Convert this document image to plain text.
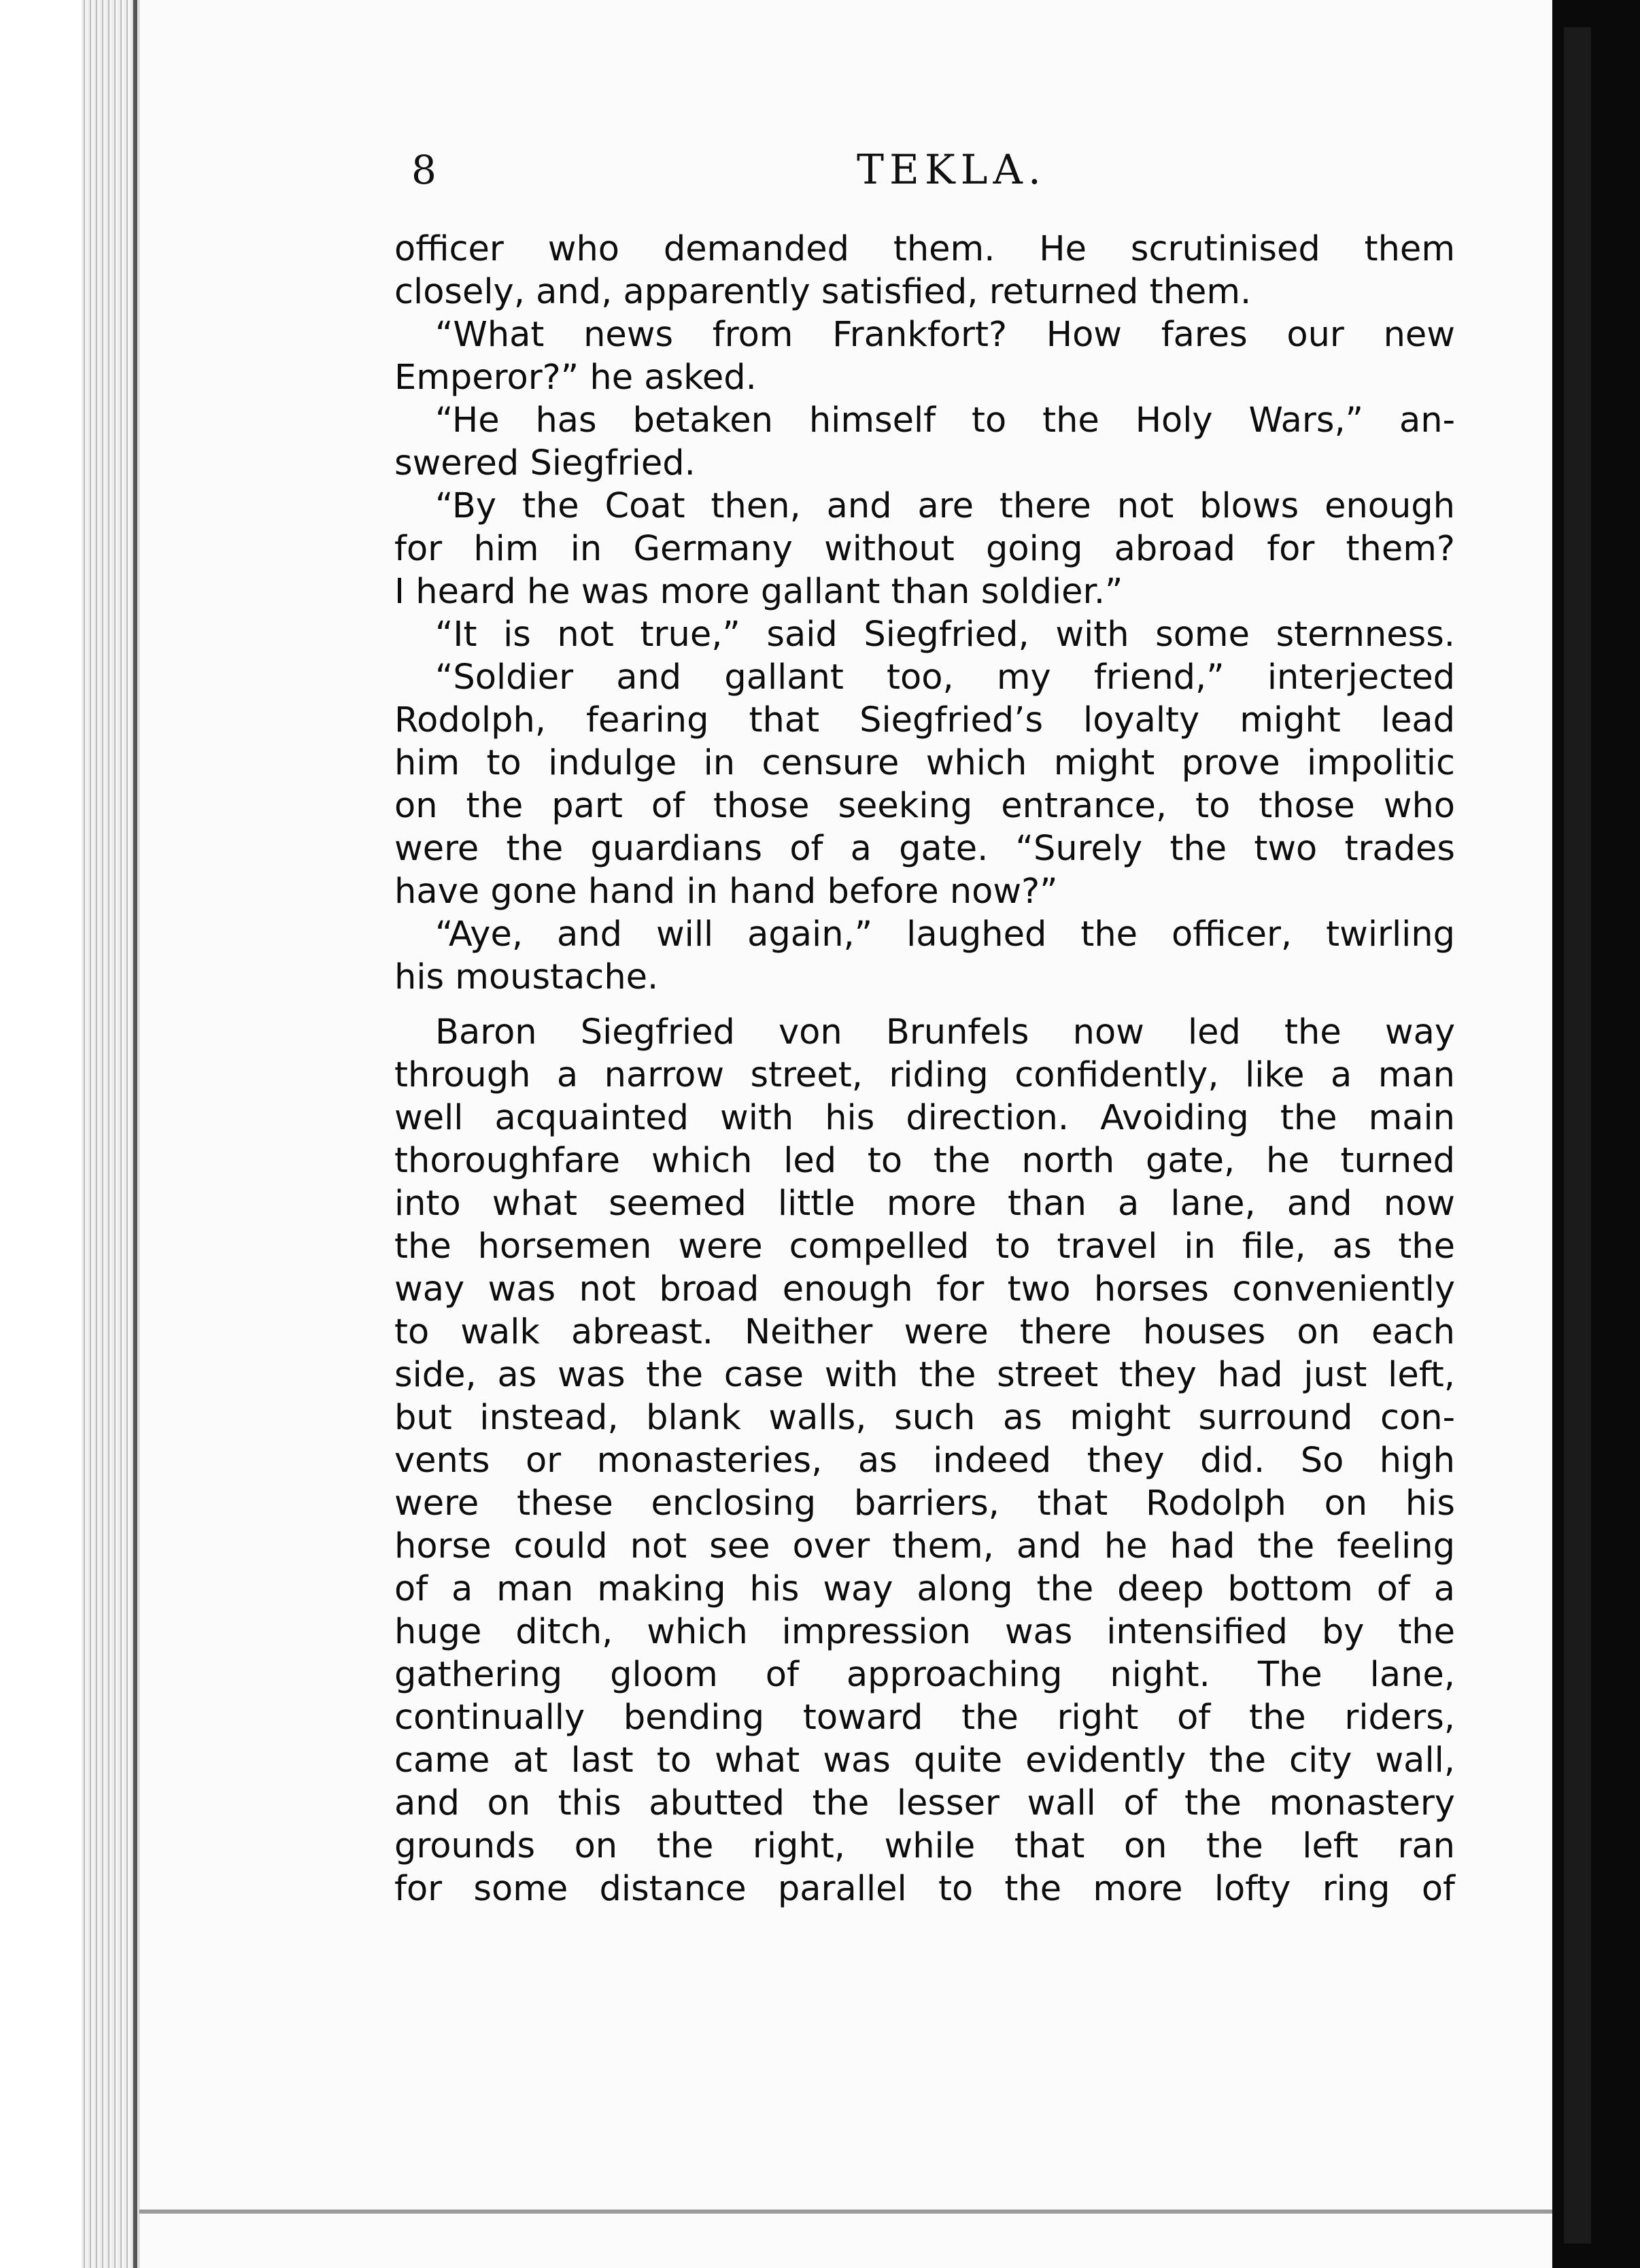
8	TEKLA.
officer who demanded them. He scrutinised them
closely, and, apparently satisfied, returned them.
“What news from Frankfort? How fares our new
Emperor?” he asked.
“He has betaken himself to the Holy Wars,” an-
swered Siegfried.
“By the Coat then, and are there not blows enough
for him in Germany without going abroad for them?
I heard he was more gallant than soldier.”
“It is not true,” said Siegfried, with some sternness.
“Soldier and gallant too, my friend,” interjected
Rodolph, fearing that Siegfried’s loyalty might lead
him to indulge in censure which might prove impolitic
on the part of those seeking entrance, to those who
were the guardians of a gate. “Surely the two trades
have gone hand in hand before now?”
“Aye, and will again,” laughed the officer, twirling
his moustache.
Baron Siegfried von Brunfels now led the way
through a narrow street, riding confidently, like a man
well acquainted with his direction. Avoiding the main
thoroughfare which led to the north gate, he turned
into what seemed little more than a lane, and now
the horsemen were compelled to travel in file, as the
way was not broad enough for two horses conveniently
to walk abreast. Neither were there houses on each
side, as was the case with the street they had just left,
but instead, blank walls, such as might surround con-
vents or monasteries, as indeed they did. So high
were these enclosing barriers, that Rodolph on his
horse could not see over them, and he had the feeling
of a man making his way along the deep bottom of a
huge ditch, which impression was intensified by the
gathering gloom of approaching night. The lane,
continually bending toward the right of the riders,
came at last to what was quite evidently the city wall,
and on this abutted the lesser wall of the monastery
grounds on the right, while that on the left ran
for some distance parallel to the more lofty ring of
